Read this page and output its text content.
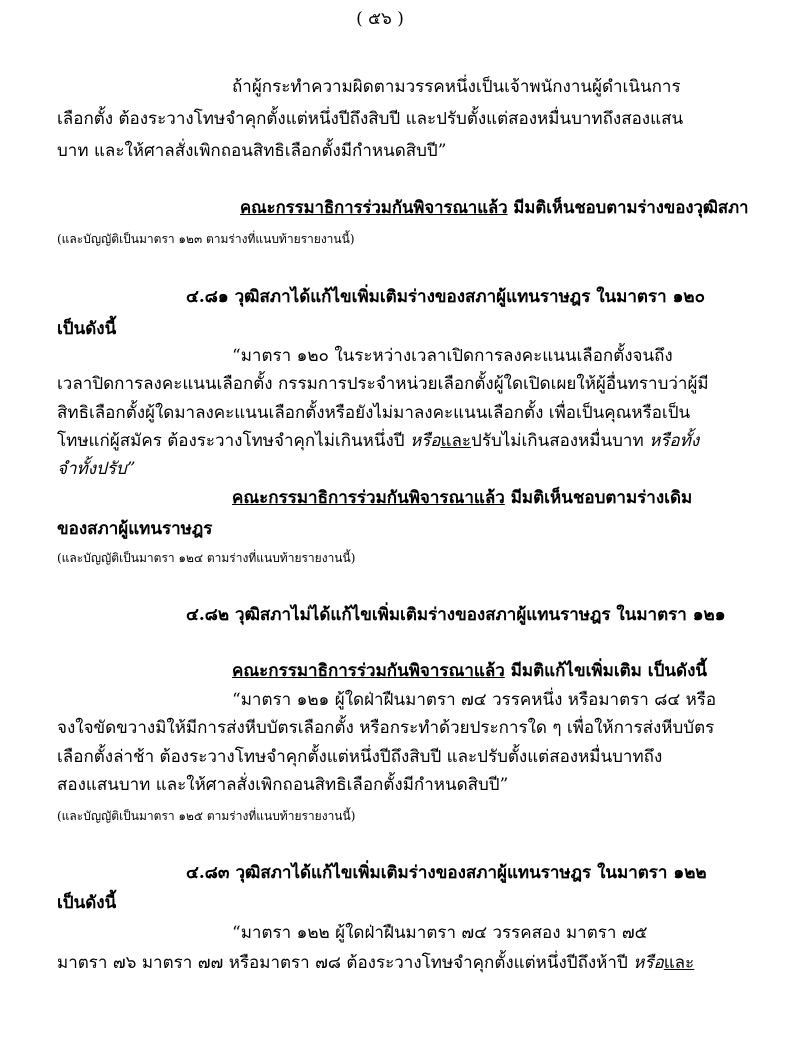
( ๕๖ )
ถ้าผู้กระทำความผิดตามวรรคหนึ่งเป็นเจ้าพนักงานผู้ดำเนินการ
เลือกตั้ง ต้องระวางโทษจำคุกตั้งแต่หนึ่งปีถึงสิบปี และปรับตั้งแต่สองหมื่นบาทถึงสองแสน
บาท และให้ศาลสั่งเพิกถอนสิทธิเลือกตั้งมีกำหนดสิบปี”
คณะกรรมาธิการร่วมกันพิจารณาแล้ว มีมติเห็นชอบตามร่างของวุฒิสภา
(และบัญญัติเป็นมาตรา ๑๒๓ ตามร่างที่แนบท้ายรายงานนี้)
๔.๘๑ วุฒิสภาได้แก้ไขเพิ่มเติมร่างของสภาผู้แทนราษฎร ในมาตรา ๑๒๐
เป็นดังนี้
“มาตรา ๑๒๐ ในระหว่างเวลาเปิดการลงคะแนนเลือกตั้งจนถึง
เวลาปิดการลงคะแนนเลือกตั้ง กรรมการประจำหน่วยเลือกตั้งผู้ใดเปิดเผยให้ผู้อื่นทราบว่าผู้มี
สิทธิเลือกตั้งผู้ใดมาลงคะแนนเลือกตั้งหรือยังไม่มาลงคะแนนเลือกตั้ง เพื่อเป็นคุณหรือเป็น
โทษแก่ผู้สมัคร ต้องระวางโทษจำคุกไม่เกินหนึ่งปี หรือและปรับไม่เกินสองหมื่นบาท หรือทั้ง
จำทั้งปรับ”
คณะกรรมาธิการร่วมกันพิจารณาแล้ว มีมติเห็นชอบตามร่างเดิม
ของสภาผู้แทนราษฎร
(และบัญญัติเป็นมาตรา ๑๒๔ ตามร่างที่แนบท้ายรายงานนี้)
๔.๘๒ วุฒิสภาไม่ได้แก้ไขเพิ่มเติมร่างของสภาผู้แทนราษฎร ในมาตรา ๑๒๑
คณะกรรมาธิการร่วมกันพิจารณาแล้ว มีมติแก้ไขเพิ่มเติม เป็นดังนี้
“มาตรา ๑๒๑ ผู้ใดฝ่าฝืนมาตรา ๗๔ วรรคหนึ่ง หรือมาตรา ๘๔ หรือ
จงใจขัดขวางมิให้มีการส่งหีบบัตรเลือกตั้ง หรือกระทำด้วยประการใด ๆ เพื่อให้การส่งหีบบัตร
เลือกตั้งล่าช้า ต้องระวางโทษจำคุกตั้งแต่หนึ่งปีถึงสิบปี และปรับตั้งแต่สองหมื่นบาทถึง
สองแสนบาท และให้ศาลสั่งเพิกถอนสิทธิเลือกตั้งมีกำหนดสิบปี”
(และบัญญัติเป็นมาตรา ๑๒๕ ตามร่างที่แนบท้ายรายงานนี้)
๔.๘๓ วุฒิสภาได้แก้ไขเพิ่มเติมร่างของสภาผู้แทนราษฎร ในมาตรา ๑๒๒
เป็นดังนี้
“มาตรา ๑๒๒ ผู้ใดฝ่าฝืนมาตรา ๗๔ วรรคสอง มาตรา ๗๕
มาตรา ๗๖ มาตรา ๗๗ หรือมาตรา ๗๘ ต้องระวางโทษจำคุกตั้งแต่หนึ่งปีถึงห้าปี หรือและ
